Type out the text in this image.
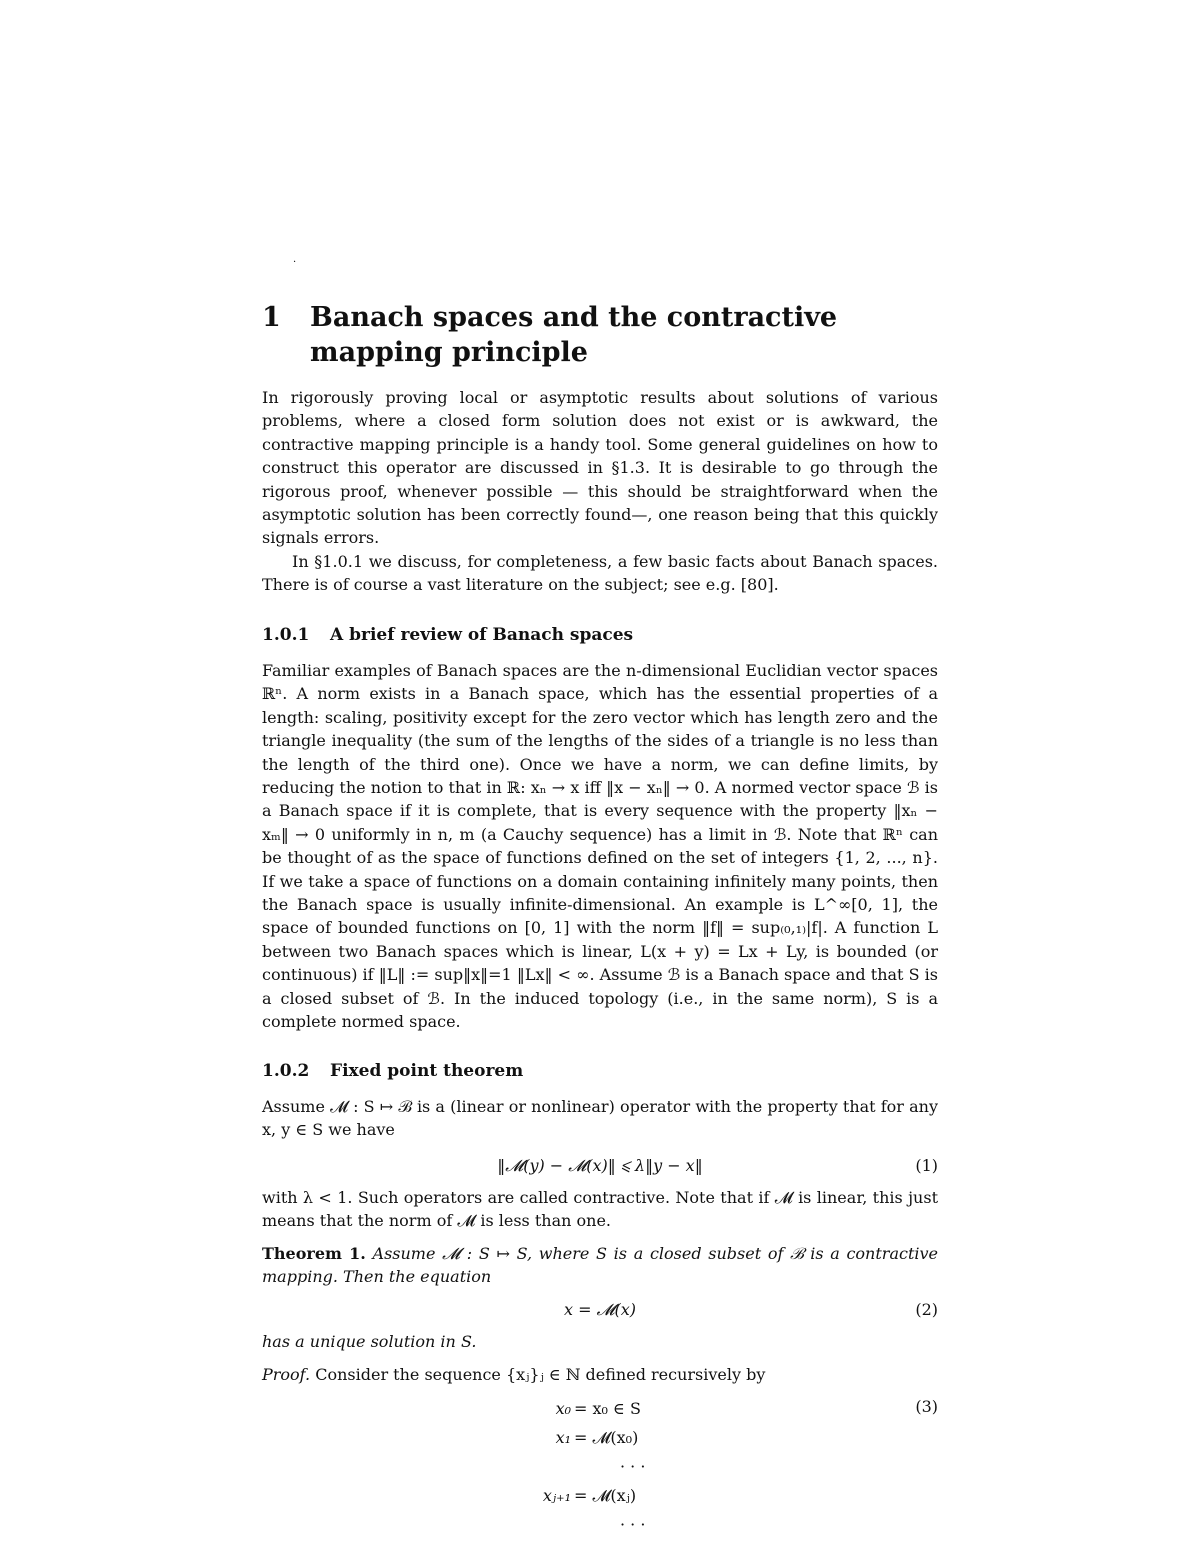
·
1 Banach spaces and the contractive mapping principle

In rigorously proving local or asymptotic results about solutions of various problems, where a closed form solution does not exist or is awkward, the contractive mapping principle is a handy tool. Some general guidelines on how to construct this operator are discussed in §1.3. It is desirable to go through the rigorous proof, whenever possible — this should be straightforward when the asymptotic solution has been correctly found—, one reason being that this quickly signals errors.

In §1.0.1 we discuss, for completeness, a few basic facts about Banach spaces. There is of course a vast literature on the subject; see e.g. [80].

1.0.1 A brief review of Banach spaces

Familiar examples of Banach spaces are the n-dimensional Euclidian vector spaces ℝⁿ. A norm exists in a Banach space, which has the essential properties of a length: scaling, positivity except for the zero vector which has length zero and the triangle inequality (the sum of the lengths of the sides of a triangle is no less than the length of the third one). Once we have a norm, we can define limits, by reducing the notion to that in ℝ: xₙ → x iff ‖x − xₙ‖ → 0. A normed vector space ℬ is a Banach space if it is complete, that is every sequence with the property ‖xₙ − xₘ‖ → 0 uniformly in n, m (a Cauchy sequence) has a limit in ℬ. Note that ℝⁿ can be thought of as the space of functions defined on the set of integers {1, 2, ..., n}. If we take a space of functions on a domain containing infinitely many points, then the Banach space is usually infinite-dimensional. An example is L^∞[0, 1], the space of bounded functions on [0, 1] with the norm ‖f‖ = sup₍₀,₁₎|f|. A function L between two Banach spaces which is linear, L(x + y) = Lx + Ly, is bounded (or continuous) if ‖L‖ := sup‖x‖=1 ‖Lx‖ < ∞. Assume ℬ is a Banach space and that S is a closed subset of ℬ. In the induced topology (i.e., in the same norm), S is a complete normed space.

1.0.2 Fixed point theorem

Assume 𝓜 : S ↦ ℬ is a (linear or nonlinear) operator with the property that for any x, y ∈ S we have

‖𝓜(y) − 𝓜(x)‖ ⩽ λ‖y − x‖	(1)

with λ < 1. Such operators are called contractive. Note that if 𝓜 is linear, this just means that the norm of 𝓜 is less than one.

Theorem 1. Assume 𝓜 : S ↦ S, where S is a closed subset of ℬ is a contractive mapping. Then the equation

x = 𝓜(x)	(2)

has a unique solution in S.

Proof. Consider the sequence {xⱼ}ⱼ ∈ ℕ defined recursively by

(3)
x₀ = x₀ ∈ S
x₁ = 𝓜(x₀)
· · ·
xⱼ₊₁ = 𝓜(xⱼ)
· · ·
